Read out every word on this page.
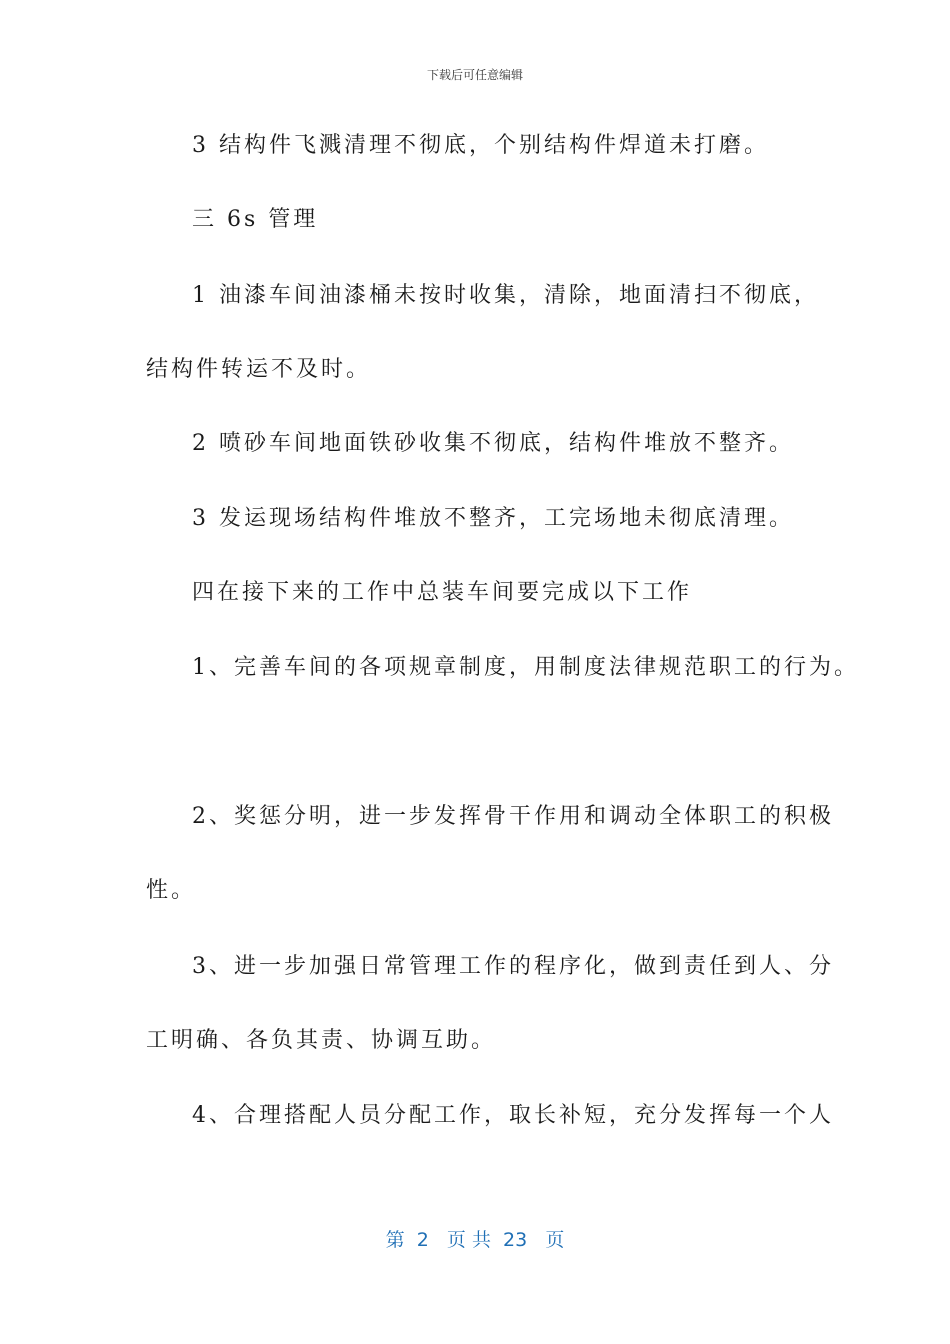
下载后可任意编辑
3 结构件飞溅清理不彻底，个别结构件焊道未打磨。
三 6s 管理
1 油漆车间油漆桶未按时收集，清除，地面清扫不彻底，
结构件转运不及时。
2 喷砂车间地面铁砂收集不彻底，结构件堆放不整齐。
3 发运现场结构件堆放不整齐，工完场地未彻底清理。
四在接下来的工作中总装车间要完成以下工作
1、完善车间的各项规章制度，用制度法律规范职工的行为。
2、奖惩分明，进一步发挥骨干作用和调动全体职工的积极
性。
3、进一步加强日常管理工作的程序化，做到责任到人、分
工明确、各负其责、协调互助。
4、合理搭配人员分配工作，取长补短，充分发挥每一个人
第  2   页 共  23   页
